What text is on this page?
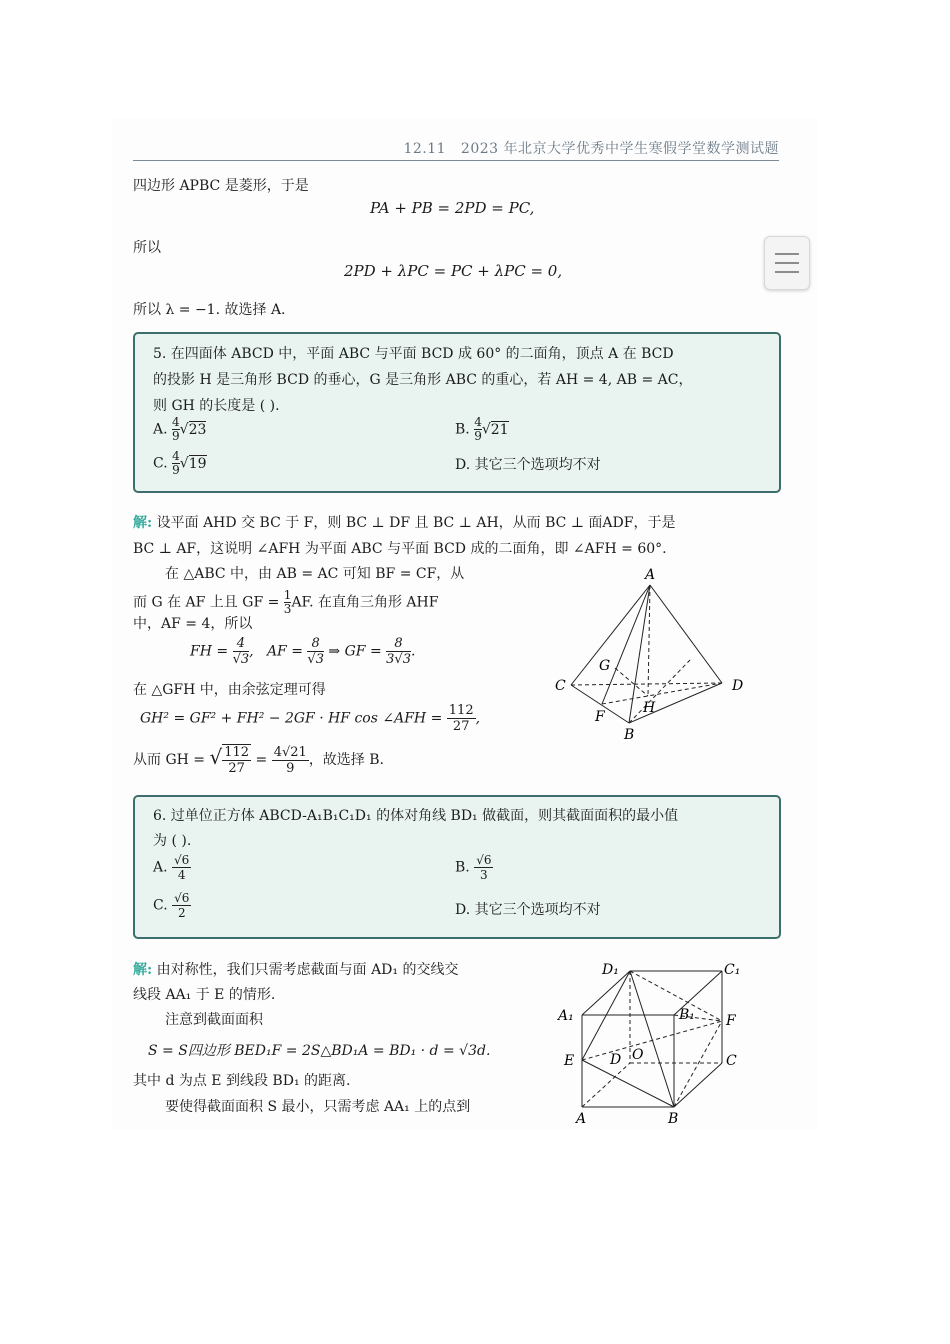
12.11 2023 年北京大学优秀中学生寒假学堂数学测试题
四边形 APBC 是菱形，于是
PA + PB = 2PD = PC,
所以
2PD + λPC = PC + λPC = 0,
所以 λ = −1. 故选择 A.
5. 在四面体 ABCD 中，平面 ABC 与平面 BCD 成 60° 的二面角，顶点 A 在 BCD
的投影 H 是三角形 BCD 的垂心，G 是三角形 ABC 的重心，若 AH = 4, AB = AC，
则 GH 的长度是 ( ).
A. $\frac{4}{9} √23$	B. $\frac{4}{9} √21$
C. $\frac{4}{9} √19$	D. 其它三个选项均不对
解: 设平面 AHD 交 BC 于 F，则 BC ⊥ DF 且 BC ⊥ AH，从而 BC ⊥ 面ADF，于是
BC ⊥ AF，这说明 ∠AFH 为平面 ABC 与平面 BCD 成的二面角，即 ∠AFH = 60°.
在 △ABC 中，由 AB = AC 可知 BF = CF，从
而 G 在 AF 上且 GF = $\frac{1}{3}$ AF. 在直角三角形 AHF
中，AF = 4，所以
FH = $\frac{4}{√3}$ ,   AF = $\frac{8}{√3}$ ⇒ GF = $\frac{8}{3√3}$ .
在 △GFH 中，由余弦定理可得
GH² = GF² + FH² − 2GF · HF cos ∠AFH = $\frac{112}{27}$ ,
从而 GH = √ $\frac{112}{27} = \frac{4√21}{9}$ ，故选择 B.
A
B
C	D
F
G
H
6. 过单位正方体 ABCD-A₁B₁C₁D₁ 的体对角线 BD₁ 做截面，则其截面面积的最小值
为 ( ).
A. $\frac{√6}{4}$	B. $\frac{√6}{3}$
C. $\frac{√6}{2}$	D. 其它三个选项均不对
解: 由对称性，我们只需考虑截面与面 AD₁ 的交线交
线段 AA₁ 于 E 的情形.
注意到截面面积
S = S四边形 BED₁F = 2S△BD₁A = BD₁ · d = √3d.
其中 d 为点 E 到线段 BD₁ 的距离.
要使得截面面积 S 最小，只需考虑 AA₁ 上的点到
D₁	C₁
A₁	B₁ F
E	D O	C
A	B
